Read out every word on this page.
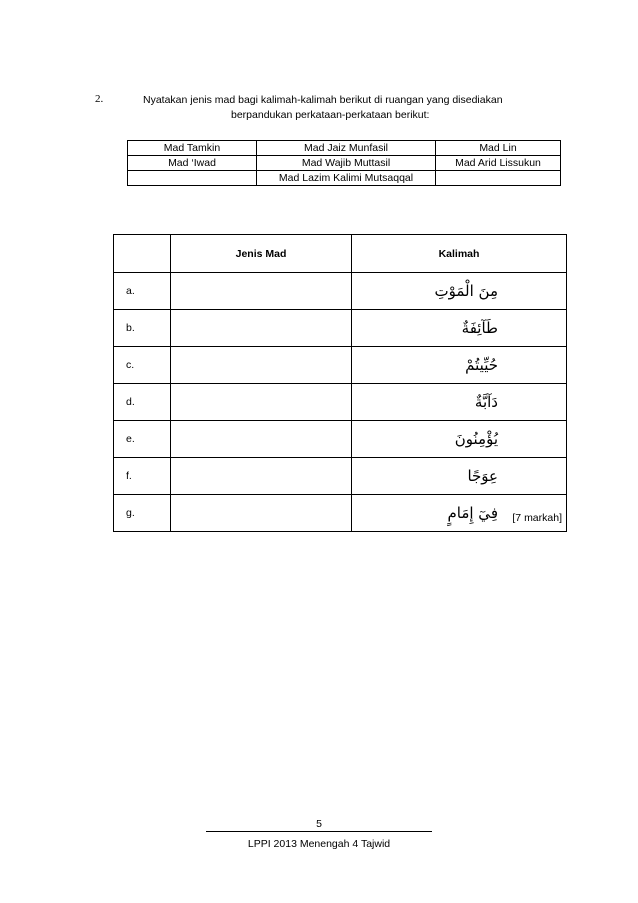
2.	Nyatakan jenis mad bagi kalimah-kalimah berikut di ruangan yang disediakan
berpandukan perkataan-perkataan berikut:
Mad Tamkin	Mad Jaiz Munfasil	Mad Lin
Mad ‘Iwad	Mad Wajib Muttasil	Mad Arid Lissukun
	Mad Lazim Kalimi Mutsaqqal	
	Jenis Mad	Kalimah
a.		مِنَ الْمَوْتِ
b.		طَآئِفَةٌ
c.		حُيِّيتُمْ
d.		دَآبَّةٌ
e.		يُؤْمِنُونَ
f.		عِوَجًا
g.		فِيٓ إِمَامٍ [7 markah]
5
LPPI 2013 Menengah 4 Tajwid
